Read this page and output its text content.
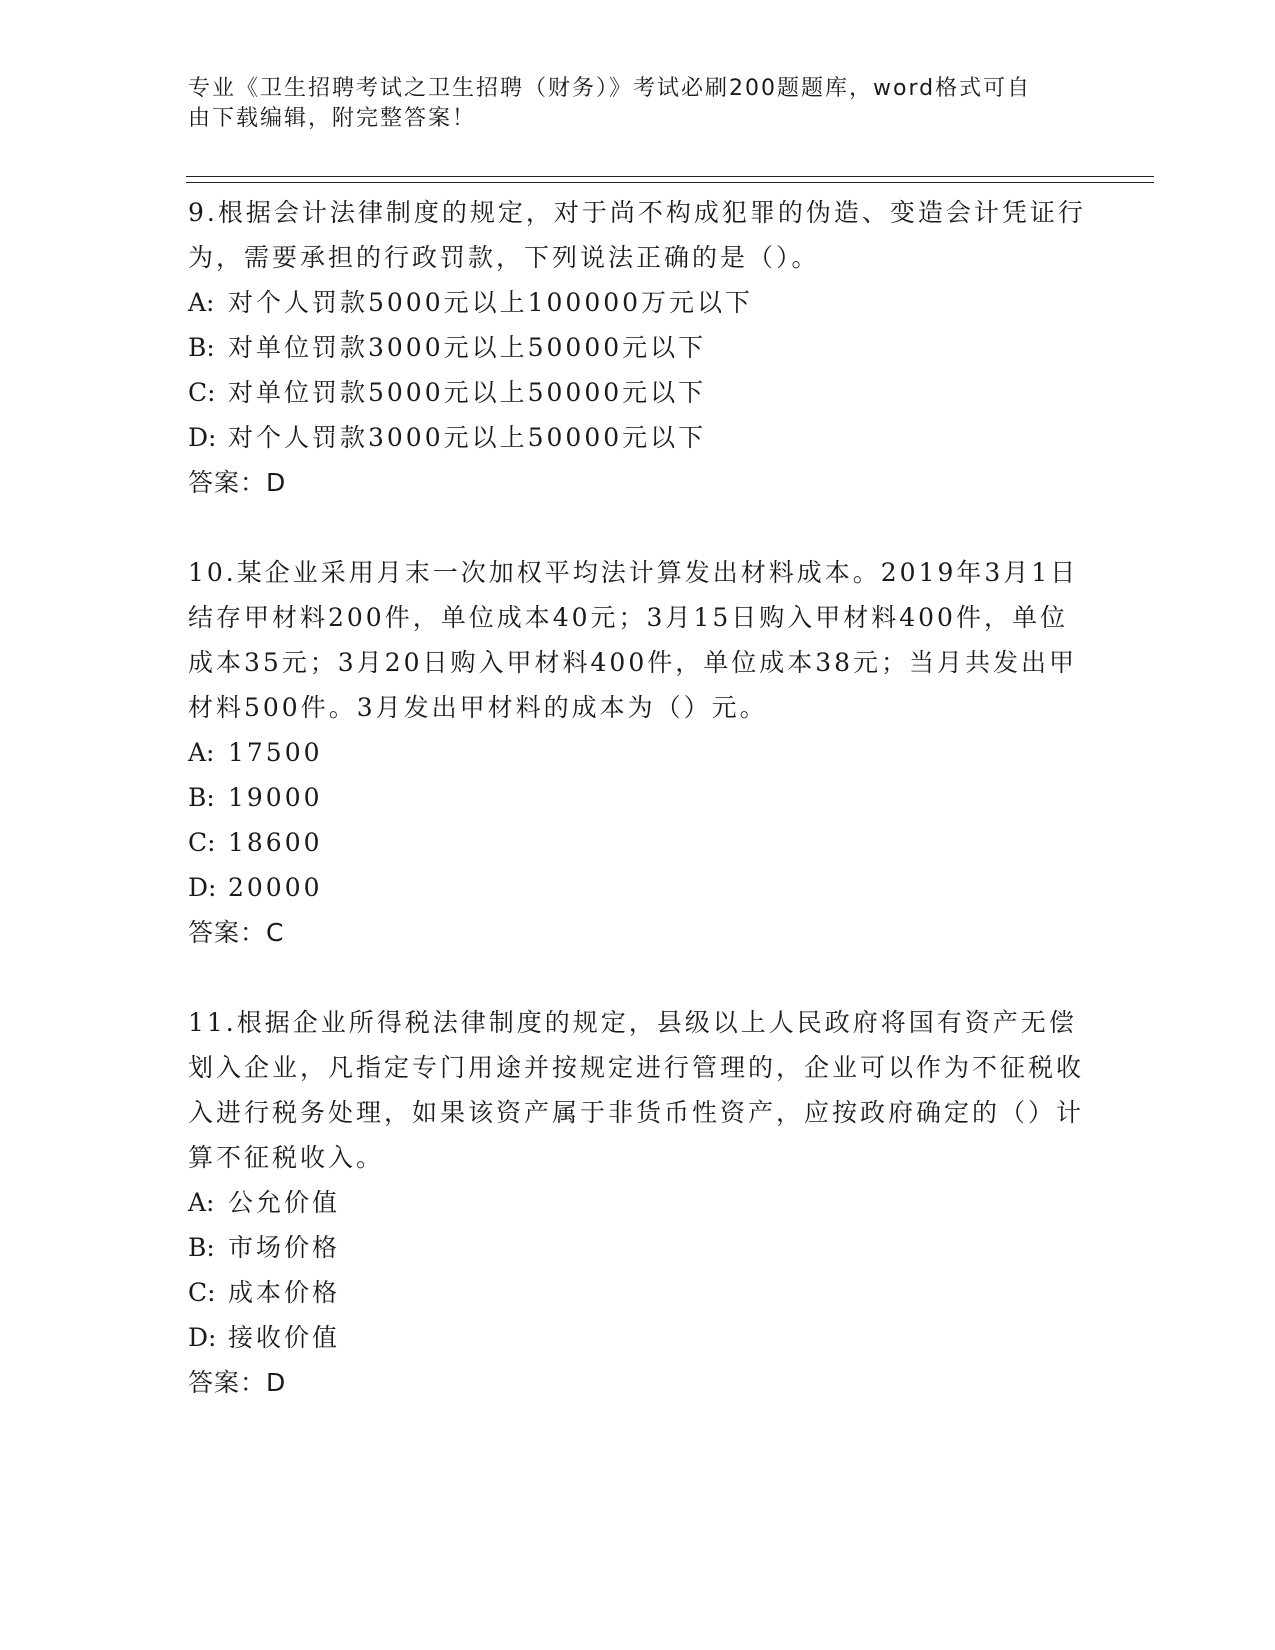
专业《卫生招聘考试之卫生招聘（财务）》考试必刷200题题库，word格式可自
由下载编辑，附完整答案！

9.根据会计法律制度的规定，对于尚不构成犯罪的伪造、变造会计凭证行为，需要承担的行政罚款，下列说法正确的是（）。

A: 对个人罚款5000元以上100000万元以下

B: 对单位罚款3000元以上50000元以下

C: 对单位罚款5000元以上50000元以下

D: 对个人罚款3000元以上50000元以下

答案：D

10.某企业采用月末一次加权平均法计算发出材料成本。2019年3月1日结存甲材料200件，单位成本40元；3月15日购入甲材料400件，单位成本35元；3月20日购入甲材料400件，单位成本38元；当月共发出甲材料500件。3月发出甲材料的成本为（）元。

A: 17500

B: 19000

C: 18600

D: 20000

答案：C

11.根据企业所得税法律制度的规定，县级以上人民政府将国有资产无偿划入企业，凡指定专门用途并按规定进行管理的，企业可以作为不征税收入进行税务处理，如果该资产属于非货币性资产，应按政府确定的（）计算不征税收入。

A: 公允价值

B: 市场价格

C: 成本价格

D: 接收价值

答案：D
